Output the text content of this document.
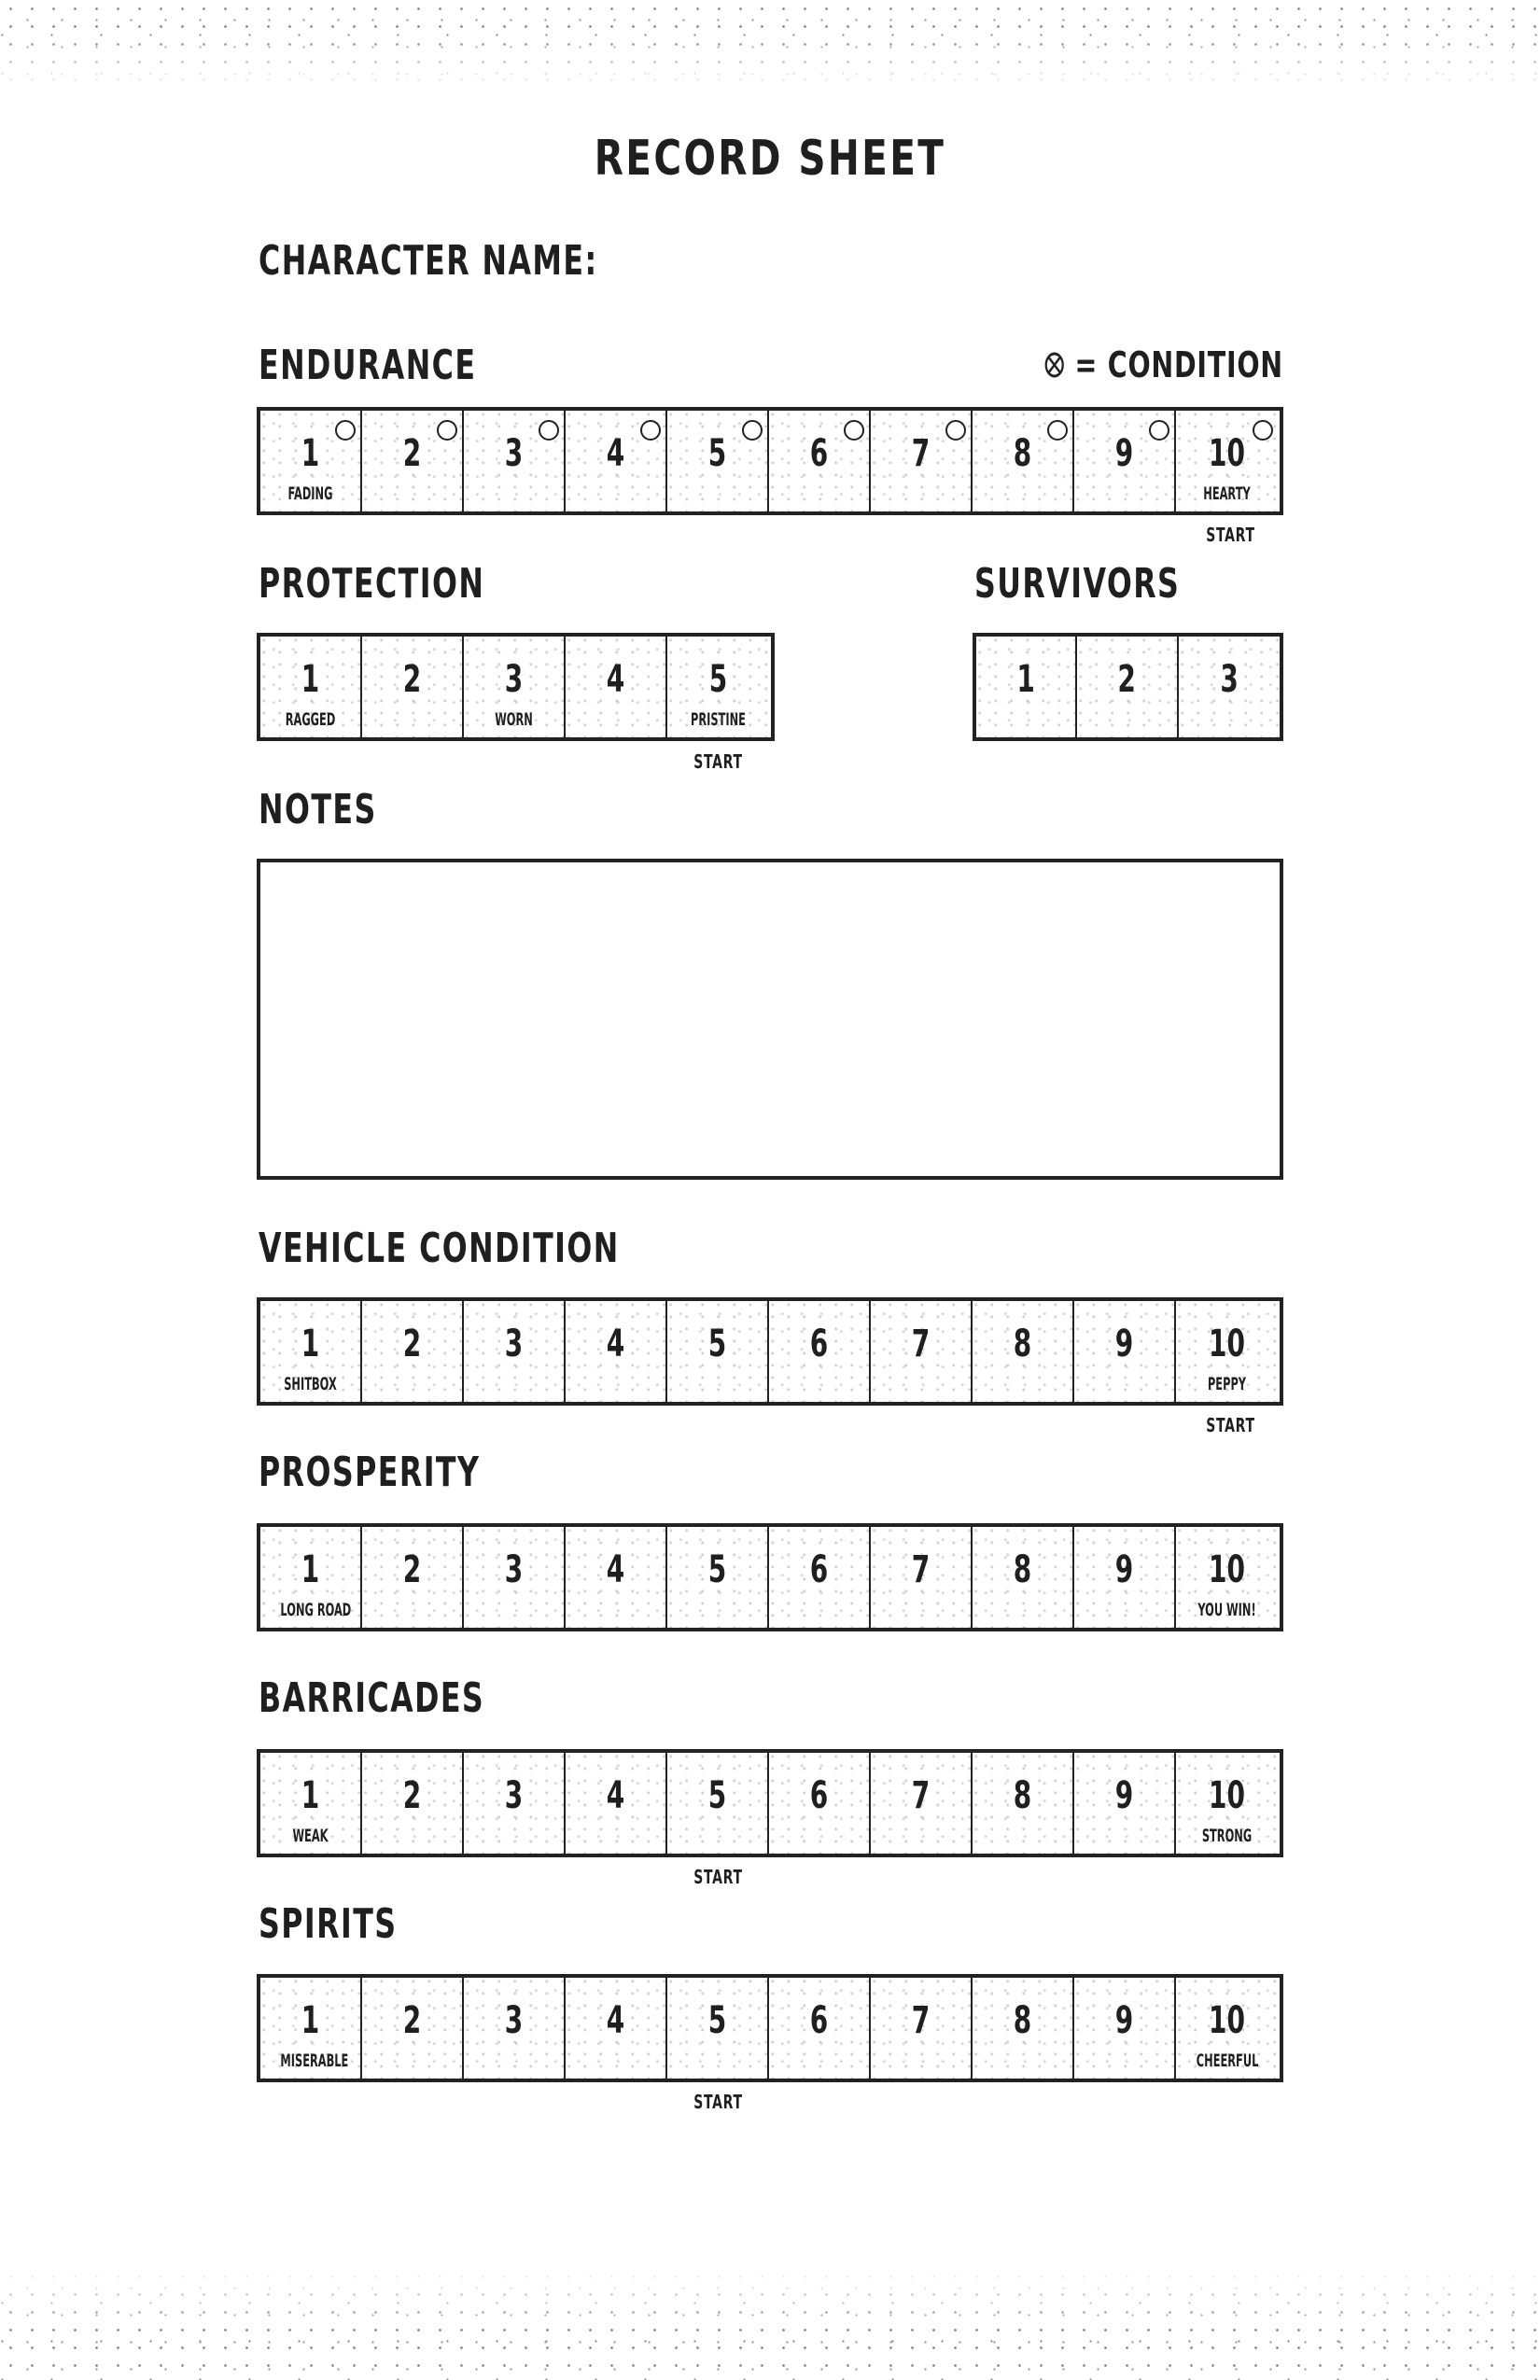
RECORD SHEET
CHARACTER NAME:
ENDURANCE	= CONDITION
1
FADING
2	3	4	5	6	7	8	9	10
HEARTY
START
PROTECTION
1
RAGGED
2	3
WORN
4	5
PRISTINE
START
SURVIVORS
1	2	3
NOTES
VEHICLE CONDITION
1
SHITBOX
2	3	4	5	6	7	8	9	10
PEPPY
START
PROSPERITY
1
LONG ROAD
2	3	4	5	6	7	8	9	10
YOU WIN!
BARRICADES
1
WEAK
2	3	4	5	6	7	8	9	10
STRONG
START
SPIRITS
1
MISERABLE
2	3	4	5	6	7	8	9	10
CHEERFUL
START
